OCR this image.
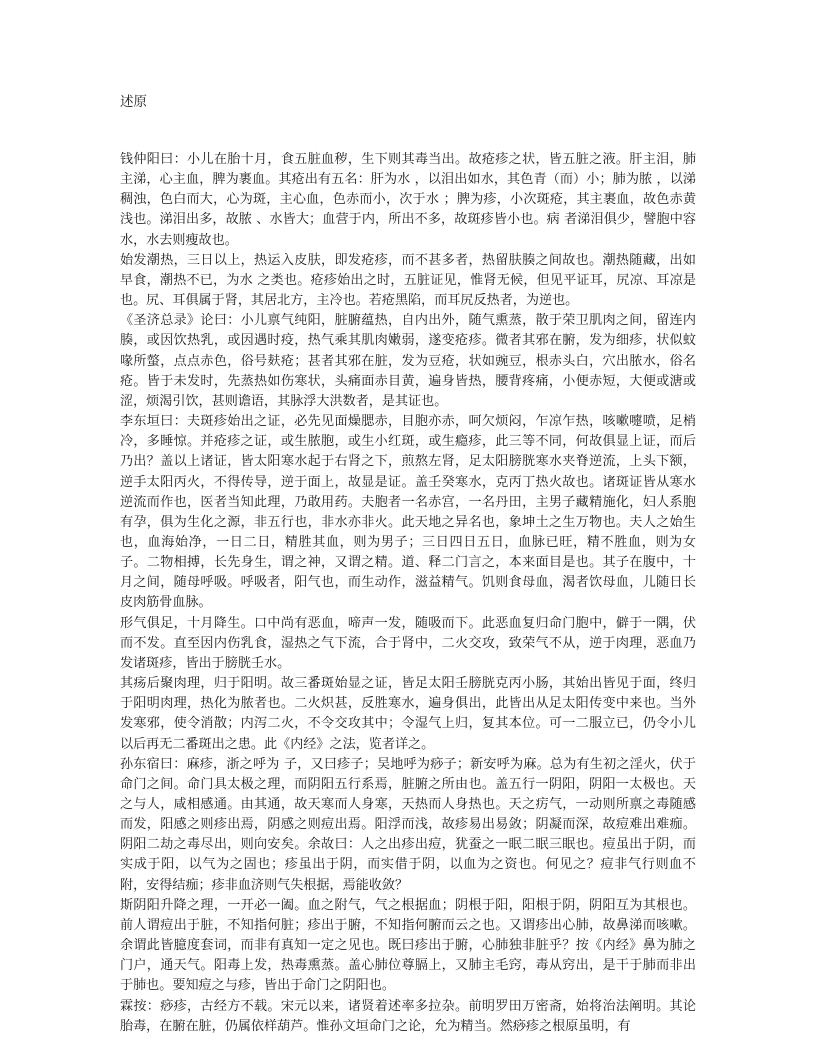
述原

钱仲阳曰：小儿在胎十月，食五脏血秽，生下则其毒当出。故疮疹之状，皆五脏之液。肝主泪，肺主涕，心主血，脾为裹血。其疮出有五名：肝为水 ，以泪出如水，其色青（而）小；肺为脓 ，以涕稠浊，色白而大，心为斑，主心血，色赤而小，次于水 ；脾为疹，小次斑疮，其主裹血，故色赤黄浅也。涕泪出多，故脓 、水皆大；血营于内，所出不多，故斑疹皆小也。病 者涕泪俱少，譬胞中容水，水去则瘦故也。

始发潮热，三日以上，热运入皮肤，即发疮疹，而不甚多者，热留肤腠之间故也。潮热随藏，出如早食，潮热不已，为水 之类也。疮疹始出之时，五脏证见，惟肾无候，但见平证耳，尻凉、耳凉是也。尻、耳俱属于肾，其居北方，主冷也。若疮黑陷，而耳尻反热者，为逆也。

《圣济总录》论曰：小儿禀气纯阳，脏腑蕴热，自内出外，随气熏蒸，散于荣卫肌肉之间，留连内腠，或因饮热乳，或因遇时疫，热气乘其肌肉嫩弱，遂变疮疹。微者其邪在腑，发为细疹，状似蚊喙所螫，点点赤色，俗号麸疮；甚者其邪在脏，发为豆疮，状如豌豆，根赤头白，穴出脓水，俗名 疮。皆于未发时，先蒸热如伤寒状，头痛面赤目黄，遍身皆热，腰背疼痛，小便赤短，大便或溏或涩，烦渴引饮，甚则谵语，其脉浮大洪数者，是其证也。

李东垣曰：夫斑疹始出之证，必先见面燥腮赤，目胞亦赤，呵欠烦闷，乍凉乍热，咳嗽嚏喷，足梢冷，多睡惊。并疮疹之证，或生脓胞，或生小红斑，或生瘾疹，此三等不同，何故俱显上证，而后乃出？盖以上诸证，皆太阳寒水起于右肾之下，煎熬左肾，足太阳膀胱寒水夹脊逆流，上头下额，逆手太阳丙火，不得传导，逆于面上，故显是证。盖壬癸寒水，克丙丁热火故也。诸斑证皆从寒水逆流而作也，医者当知此理，乃敢用药。夫胞者一名赤宫，一名丹田，主男子藏精施化，妇人系胞有孕，俱为生化之源，非五行也，非水亦非火。此天地之异名也，象坤土之生万物也。夫人之始生也，血海始净，一日二日，精胜其血，则为男子；三日四日五日，血脉已旺，精不胜血，则为女子。二物相搏，长先身生，谓之神，又谓之精。道、释二门言之，本来面目是也。其子在腹中，十月之间，随母呼吸。呼吸者，阳气也，而生动作，滋益精气。饥则食母血，渴者饮母血，儿随日长皮肉筋骨血脉。

形气俱足，十月降生。口中尚有恶血，啼声一发，随吸而下。此恶血复归命门胞中，僻于一隅，伏而不发。直至因内伤乳食，湿热之气下流，合于肾中，二火交攻，致荣气不从，逆于肉理，恶血乃发诸斑疹，皆出于膀胱壬水。

其疡后聚肉理，归于阳明。故三番斑始显之证，皆足太阳壬膀胱克丙小肠，其始出皆见于面，终归于阳明肉理，热化为脓者也。二火炽甚，反胜寒水，遍身俱出，此皆出从足太阳传变中来也。当外发寒邪，使令消散；内泻二火，不令交攻其中；令湿气上归，复其本位。可一二服立已，仍令小儿以后再无二番斑出之患。此《内经》之法，览者详之。

孙东宿曰：麻疹，浙之呼为 子，又曰疹子；吴地呼为痧子；新安呼为麻。总为有生初之淫火，伏于命门之间。命门具太极之理，而阴阳五行系焉，脏腑之所由也。盖五行一阴阳，阴阳一太极也。天之与人，咸相感通。由其通，故天寒而人身寒，天热而人身热也。天之疠气，一动则所禀之毒随感而发，阳感之则疹出焉，阴感之则痘出焉。阳浮而浅，故疹易出易敛；阴凝而深，故痘难出难痂。阴阳二劫之毒尽出，则向安矣。余故曰：人之出疹出痘，犹蚕之一眠二眠三眠也。痘虽出于阴，而实成于阳，以气为之固也；疹虽出于阴，而实借于阴，以血为之资也。何见之？痘非气行则血不附，安得结痂；疹非血济则气失根据，焉能收敛？

斯阴阳升降之理，一开必一阖。血之附气，气之根据血；阴根于阳，阳根于阴，阴阳互为其根也。前人谓痘出于脏，不知指何脏；疹出于腑，不知指何腑而云之也。又谓疹出心肺，故鼻涕而咳嗽。余谓此皆臆度套词，而非有真知一定之见也。既曰疹出于腑，心肺独非脏乎？按《内经》鼻为肺之门户，通天气。阳毒上发，热毒熏蒸。盖心肺位尊膈上，又肺主毛窍，毒从窍出，是干于肺而非出于肺也。要知痘之与疹，皆出于命门之阴阳也。

霖按：痧疹，古经方不载。宋元以来，诸贤着述率多拉杂。前明罗田万密斋，始将治法阐明。其论胎毒，在腑在脏，仍属依样葫芦。惟孙文垣命门之论，允为精当。然痧疹之根原虽明，有
